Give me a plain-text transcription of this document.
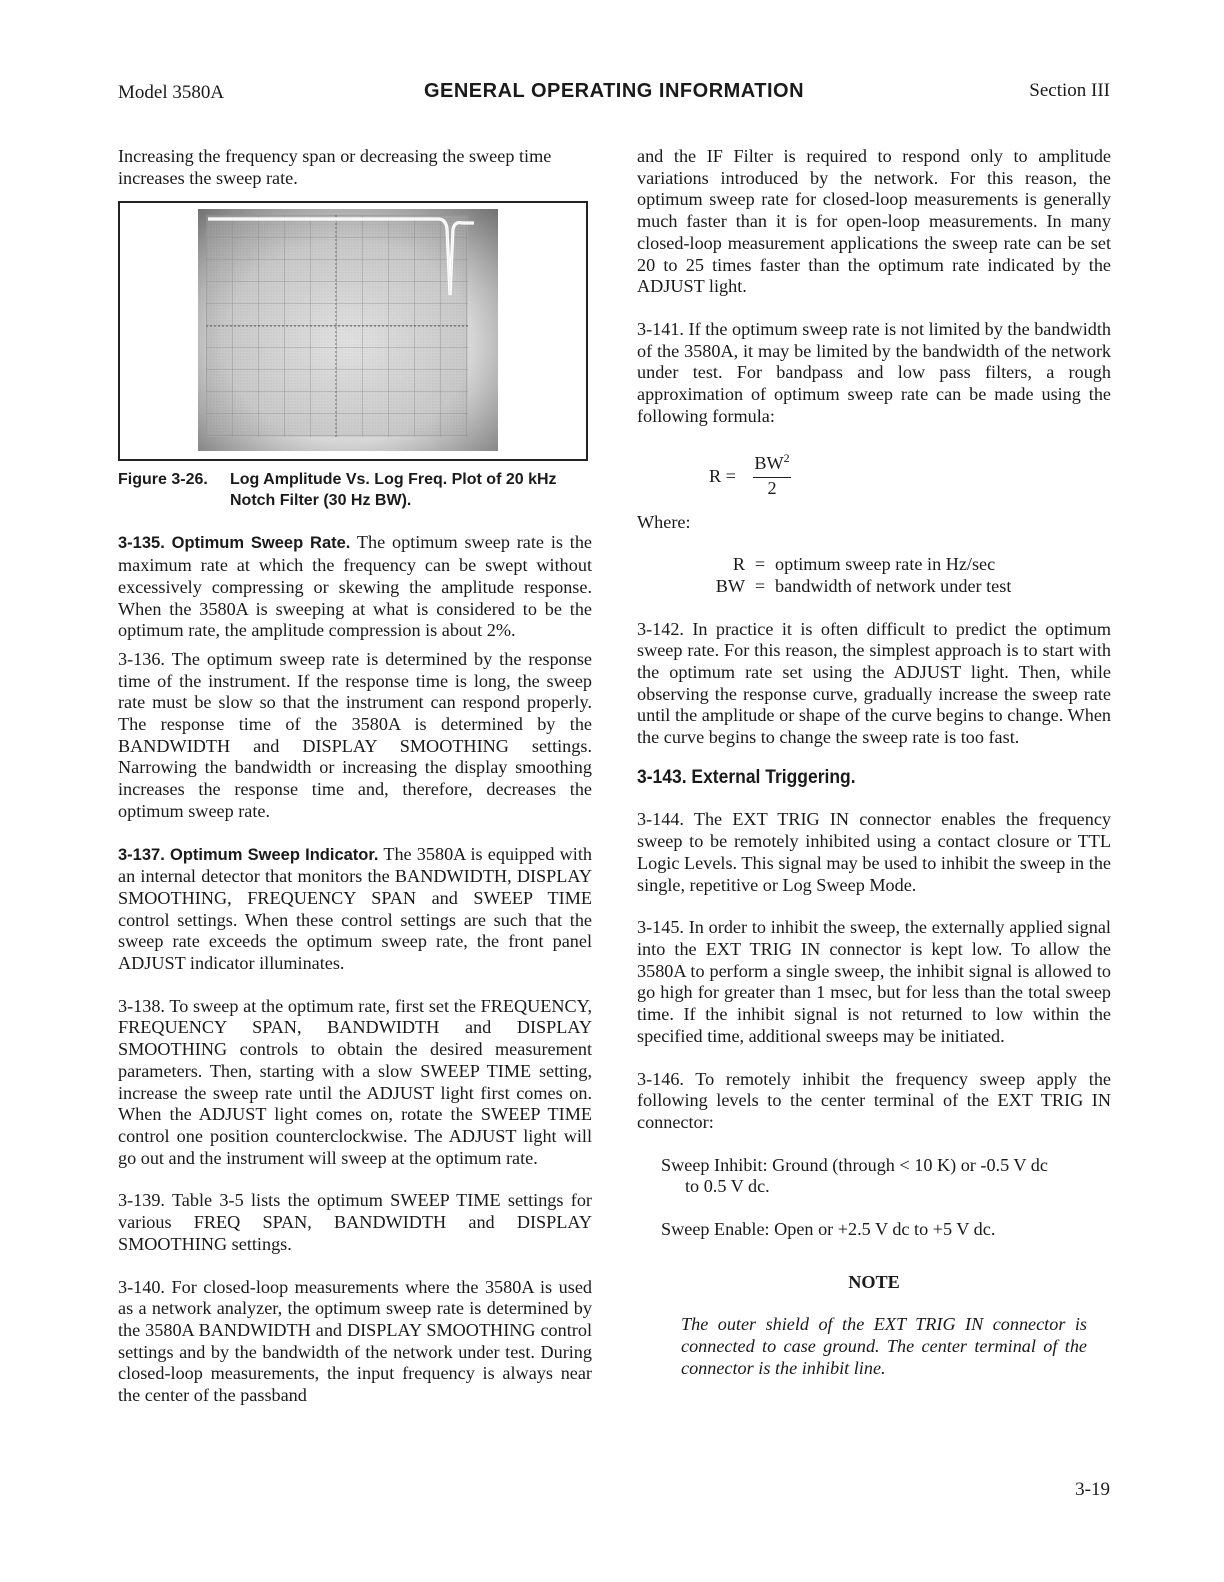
Model 3580A	GENERAL OPERATING INFORMATION	Section III

Increasing the frequency span or decreasing the sweep time increases the sweep rate.

Figure 3-26. Log Amplitude Vs. Log Freq. Plot of 20 kHz
Notch Filter (30 Hz BW).

3-135. Optimum Sweep Rate. The optimum sweep rate is the maximum rate at which the frequency can be swept without excessively compressing or skewing the amplitude response. When the 3580A is sweeping at what is considered to be the optimum rate, the amplitude compression is about 2%.

3-136. The optimum sweep rate is determined by the response time of the instrument. If the response time is long, the sweep rate must be slow so that the instrument can respond properly. The response time of the 3580A is determined by the BANDWIDTH and DISPLAY SMOOTHING settings. Narrowing the bandwidth or increasing the display smoothing increases the response time and, therefore, decreases the optimum sweep rate.

3-137. Optimum Sweep Indicator. The 3580A is equipped with an internal detector that monitors the BANDWIDTH, DISPLAY SMOOTHING, FREQUENCY SPAN and SWEEP TIME control settings. When these control settings are such that the sweep rate exceeds the optimum sweep rate, the front panel ADJUST indicator illuminates.

3-138. To sweep at the optimum rate, first set the FREQUENCY, FREQUENCY SPAN, BANDWIDTH and DISPLAY SMOOTHING controls to obtain the desired measurement parameters. Then, starting with a slow SWEEP TIME setting, increase the sweep rate until the ADJUST light first comes on. When the ADJUST light comes on, rotate the SWEEP TIME control one position counterclockwise. The ADJUST light will go out and the instrument will sweep at the optimum rate.

3-139. Table 3-5 lists the optimum SWEEP TIME settings for various FREQ SPAN, BANDWIDTH and DISPLAY SMOOTHING settings.

3-140. For closed-loop measurements where the 3580A is used as a network analyzer, the optimum sweep rate is determined by the 3580A BANDWIDTH and DISPLAY SMOOTHING control settings and by the bandwidth of the network under test. During closed-loop measurements, the input frequency is always near the center of the passband

and the IF Filter is required to respond only to amplitude variations introduced by the network. For this reason, the optimum sweep rate for closed-loop measurements is generally much faster than it is for open-loop measurements. In many closed-loop measurement applications the sweep rate can be set 20 to 25 times faster than the optimum rate indicated by the ADJUST light.

3-141. If the optimum sweep rate is not limited by the bandwidth of the 3580A, it may be limited by the bandwidth of the network under test. For bandpass and low pass filters, a rough approximation of optimum sweep rate can be made using the following formula:

$R = \frac{BW^2}{2}$

Where:

R = optimum sweep rate in Hz/sec
BW = bandwidth of network under test

3-142. In practice it is often difficult to predict the optimum sweep rate. For this reason, the simplest approach is to start with the optimum rate set using the ADJUST light. Then, while observing the response curve, gradually increase the sweep rate until the amplitude or shape of the curve begins to change. When the curve begins to change the sweep rate is too fast.

3-143. External Triggering.

3-144. The EXT TRIG IN connector enables the frequency sweep to be remotely inhibited using a contact closure or TTL Logic Levels. This signal may be used to inhibit the sweep in the single, repetitive or Log Sweep Mode.

3-145. In order to inhibit the sweep, the externally applied signal into the EXT TRIG IN connector is kept low. To allow the 3580A to perform a single sweep, the inhibit signal is allowed to go high for greater than 1 msec, but for less than the total sweep time. If the inhibit signal is not returned to low within the specified time, additional sweeps may be initiated.

3-146. To remotely inhibit the frequency sweep apply the following levels to the center terminal of the EXT TRIG IN connector:

Sweep Inhibit: Ground (through < 10 K) or -0.5 V dc
to 0.5 V dc.
Sweep Enable: Open or +2.5 V dc to +5 V dc.

NOTE

The outer shield of the EXT TRIG IN connector is connected to case ground. The center terminal of the connector is the inhibit line.

3-19
